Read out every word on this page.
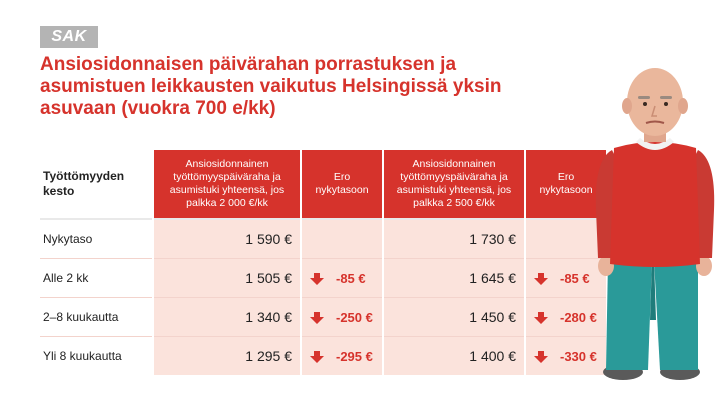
SAK
Ansiosidonnaisen päivärahan porrastuksen ja asumistuen leikkausten vaikutus Helsingissä yksin asuvaan (vuokra 700 e/kk)
Työttömyyden kesto	Ansiosidonnainen työttömyyspäiväraha ja asumistuki yhteensä, jos palkka 2 000 €/kk	Ero nykytasoon	Ansiosidonnainen työttömyyspäiväraha ja asumistuki yhteensä, jos palkka 2 500 €/kk	Ero nykytasoon
Nykytaso	1 590 €		1 730 €	
Alle 2 kk	1 505 €	-85 €	1 645 €	-85 €
2–8 kuukautta	1 340 €	-250 €	1 450 €	-280 €
Yli 8 kuukautta	1 295 €	-295 €	1 400 €	-330 €
